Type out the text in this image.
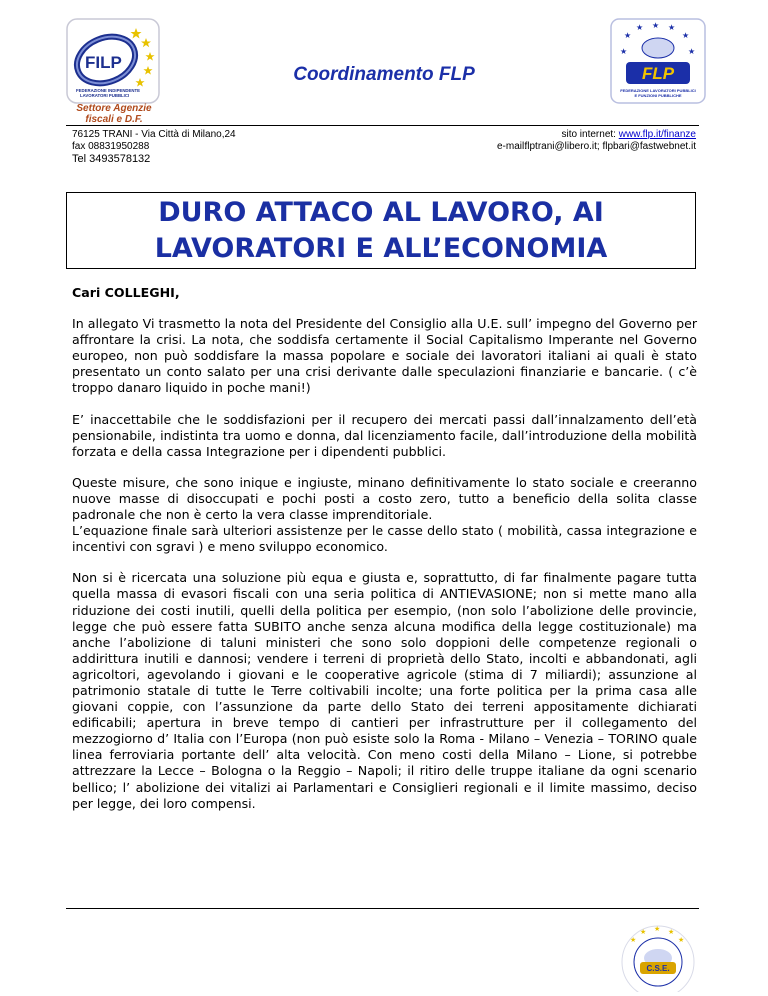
FILP
FEDERAZIONE INDIPENDENTE
LAVORATORI PUBBLICI
Settore Agenzie
fiscali e D.F.
Coordinamento FLP
★
★ ★ ★
★
★	★
FLP
FEDERAZIONE LAVORATORI PUBBLICI
E FUNZIONI PUBBLICHE
76125 TRANI - Via Città di Milano,24
fax 08831950288
Tel 3493578132
e-mail:
sito internet: www.flp.it/finanze
flptrani@libero.it; flpbari@fastwebnet.it
DURO ATTACO AL LAVORO, AI
LAVORATORI E ALL’ECONOMIA

Cari COLLEGHI,

In allegato Vi trasmetto la nota del Presidente del Consiglio alla U.E. sull’ impegno del Governo per affrontare la crisi. La nota, che soddisfa certamente il Social Capitalismo Imperante nel Governo europeo, non può soddisfare la massa popolare e sociale dei lavoratori italiani ai quali è stato presentato un conto salato per una crisi derivante dalle speculazioni finanziarie e bancarie. ( c’è troppo danaro liquido in poche mani!)

E’ inaccettabile che le soddisfazioni per il recupero dei mercati passi dall’innalzamento dell’età pensionabile, indistinta tra uomo e donna, dal licenziamento facile, dall’introduzione della mobilità forzata e della cassa Integrazione per i dipendenti pubblici.

Queste misure, che sono inique e ingiuste, minano definitivamente lo stato sociale e creeranno nuove masse di disoccupati e pochi posti a costo zero, tutto a beneficio della solita classe padronale che non è certo la vera classe imprenditoriale.
L’equazione finale sarà ulteriori assistenze per le casse dello stato ( mobilità, cassa integrazione e incentivi con sgravi ) e meno sviluppo economico.

Non si è ricercata una soluzione più equa e giusta e, soprattutto, di far finalmente pagare tutta quella massa di evasori fiscali con una seria politica di ANTIEVASIONE; non si mette mano alla riduzione dei costi inutili, quelli della politica per esempio, (non solo l’abolizione delle provincie, legge che può essere fatta SUBITO anche senza alcuna modifica della legge costituzionale) ma anche l’abolizione di taluni ministeri che sono solo doppioni delle competenze regionali o addirittura inutili e dannosi; vendere i terreni di proprietà dello Stato, incolti e abbandonati, agli agricoltori, agevolando i giovani e le cooperative agricole (stima di 7 miliardi); assunzione al patrimonio statale di tutte le Terre coltivabili incolte; una forte politica per la prima casa alle giovani coppie, con l’assunzione da parte dello Stato dei terreni appositamente dichiarati edificabili; apertura in breve tempo di cantieri per infrastrutture per il collegamento del mezzogiorno d’ Italia con l’Europa (non può esiste solo la Roma - Milano – Venezia – TORINO quale linea ferroviaria portante dell’ alta velocità. Con meno costi della Milano – Lione, si potrebbe attrezzare la Lecce – Bologna o la Reggio – Napoli; il ritiro delle truppe italiane da ogni scenario bellico; l’ abolizione dei vitalizi ai Parlamentari e Consiglieri regionali e il limite massimo, deciso per legge, dei loro compensi.

★
★ ★ ★
★
C.S.E.
